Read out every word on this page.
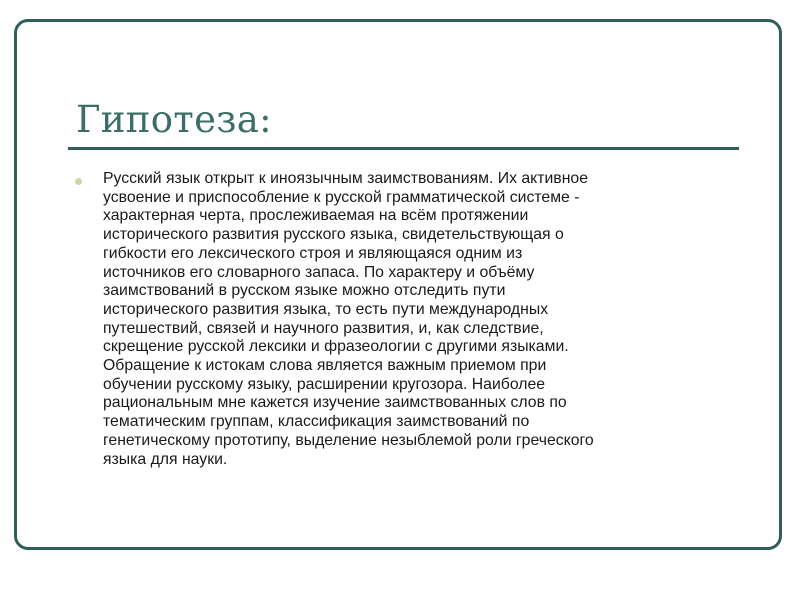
Гипотеза:

Русский язык открыт к иноязычным заимствованиям. Их активное
усвоение и приспособление к русской грамматической системе -
характерная черта, прослеживаемая на всём протяжении
исторического развития русского языка, свидетельствующая о
гибкости его лексического строя и являющаяся одним из
источников его словарного запаса. По характеру и объёму
заимствований в русском языке можно отследить пути
исторического развития языка, то есть пути международных
путешествий, связей и научного развития, и, как следствие,
скрещение русской лексики и фразеологии с другими языками.
Обращение к истокам слова является важным приемом при
обучении русскому языку, расширении кругозора. Наиболее
рациональным мне кажется изучение заимствованных слов по
тематическим группам, классификация заимствований по
генетическому прототипу, выделение незыблемой роли греческого
языка для науки.
